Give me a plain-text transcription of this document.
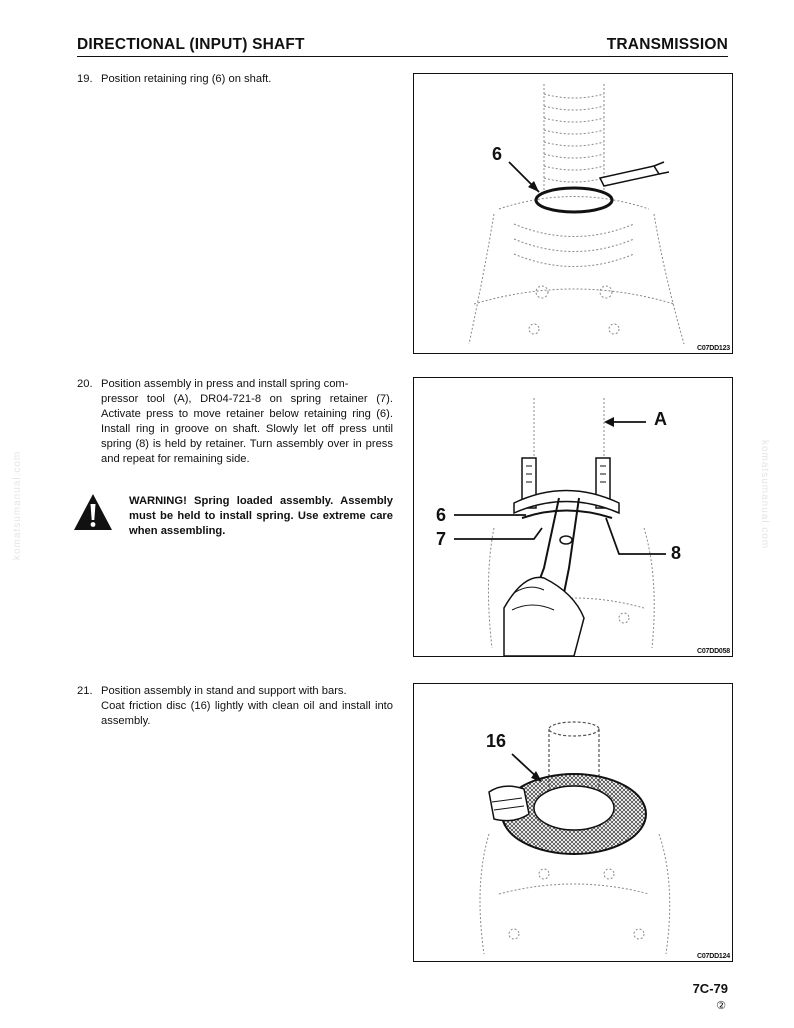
DIRECTIONAL (INPUT) SHAFT	TRANSMISSION
komatsumanual.com	komatsumanual.com
19. Position retaining ring (6) on shaft.
20. Position assembly in press and install spring com-
pressor tool (A), DR04-721-8 on spring retainer (7). Activate press to move retainer below retaining ring (6). Install ring in groove on shaft. Slowly let off press until spring (8) is held by retainer. Turn assembly over in press and repeat for remaining side.
WARNING! Spring loaded assembly. Assembly must be held to install spring. Use extreme care when assembling.
21. Position assembly in stand and support with bars.
Coat friction disc (16) lightly with clean oil and install into assembly.
6
C07DD123
A
6
7
8
C07DD058
16
C07DD124
7C-79
②
